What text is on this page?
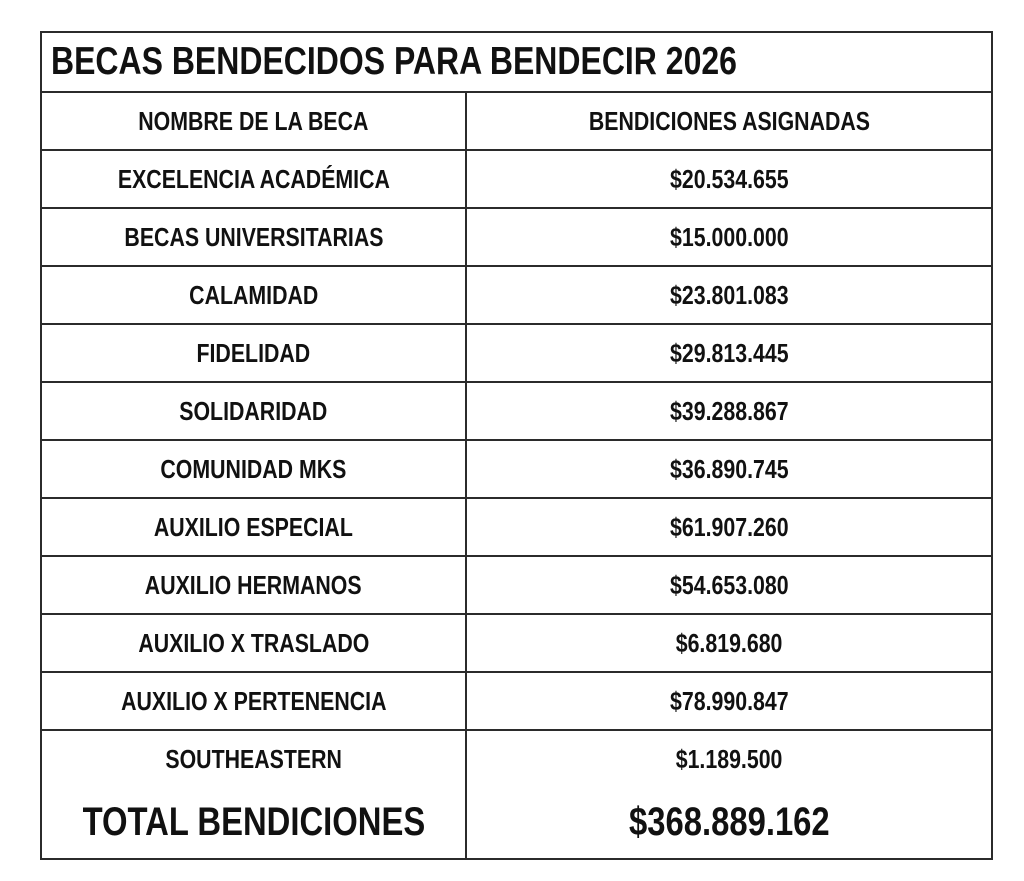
BECAS BENDECIDOS PARA BENDECIR 2026
NOMBRE DE LA BECA	BENDICIONES ASIGNADAS
EXCELENCIA ACADÉMICA	$20.534.655
BECAS UNIVERSITARIAS	$15.000.000
CALAMIDAD	$23.801.083
FIDELIDAD	$29.813.445
SOLIDARIDAD	$39.288.867
COMUNIDAD MKS	$36.890.745
AUXILIO ESPECIAL	$61.907.260
AUXILIO HERMANOS	$54.653.080
AUXILIO X TRASLADO	$6.819.680
AUXILIO X PERTENENCIA	$78.990.847
SOUTHEASTERN	$1.189.500
TOTAL BENDICIONES	$368.889.162
